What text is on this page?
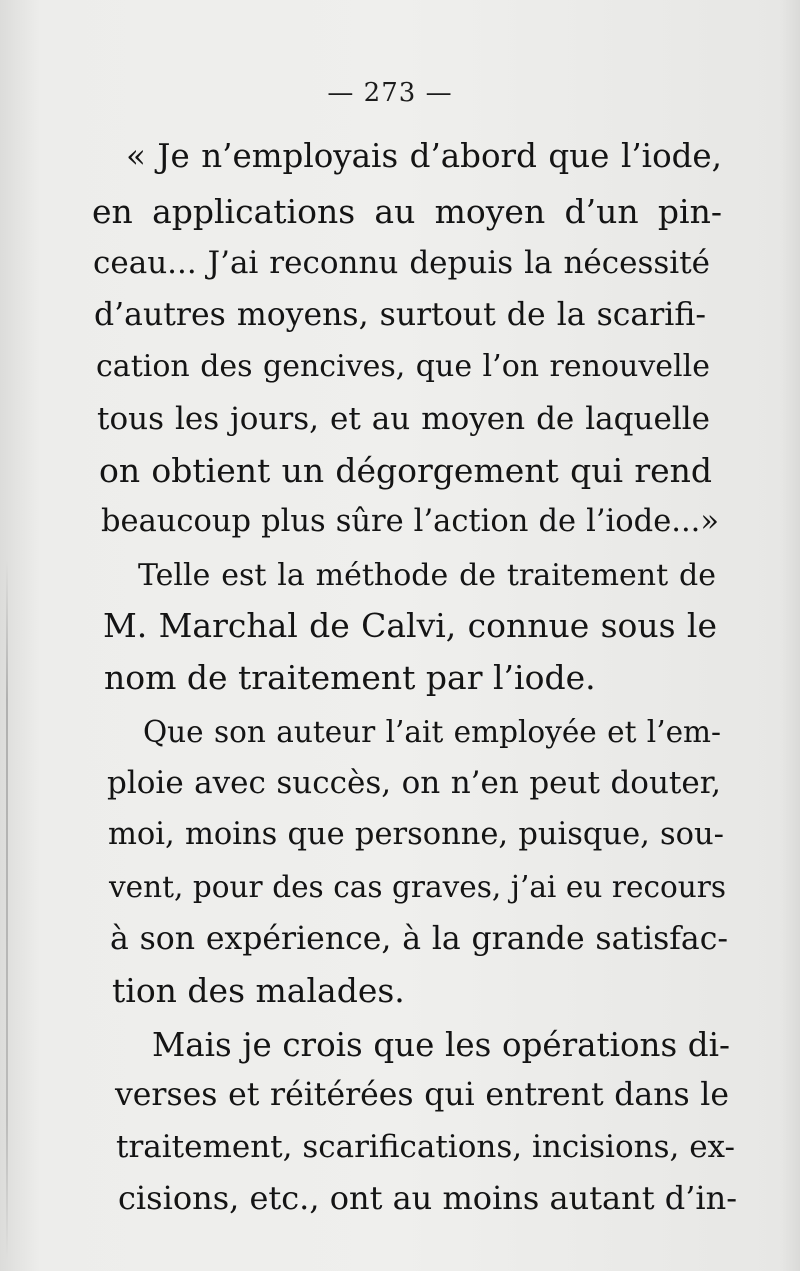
— 273 —
« Je n’employais d’abord que l’iode,
en applications au moyen d’un pin-
ceau... J’ai reconnu depuis la nécessité
d’autres moyens, surtout de la scarifi-
cation des gencives, que l’on renouvelle
tous les jours, et au moyen de laquelle
on obtient un dégorgement qui rend
beaucoup plus sûre l’action de l’iode...»
Telle est la méthode de traitement de
M. Marchal de Calvi, connue sous le
nom de traitement par l’iode.
Que son auteur l’ait employée et l’em-
ploie avec succès, on n’en peut douter,
moi, moins que personne, puisque, sou-
vent, pour des cas graves, j’ai eu recours
à son expérience, à la grande satisfac-
tion des malades.
Mais je crois que les opérations di-
verses et réitérées qui entrent dans le
traitement, scarifications, incisions, ex-
cisions, etc., ont au moins autant d’in-
